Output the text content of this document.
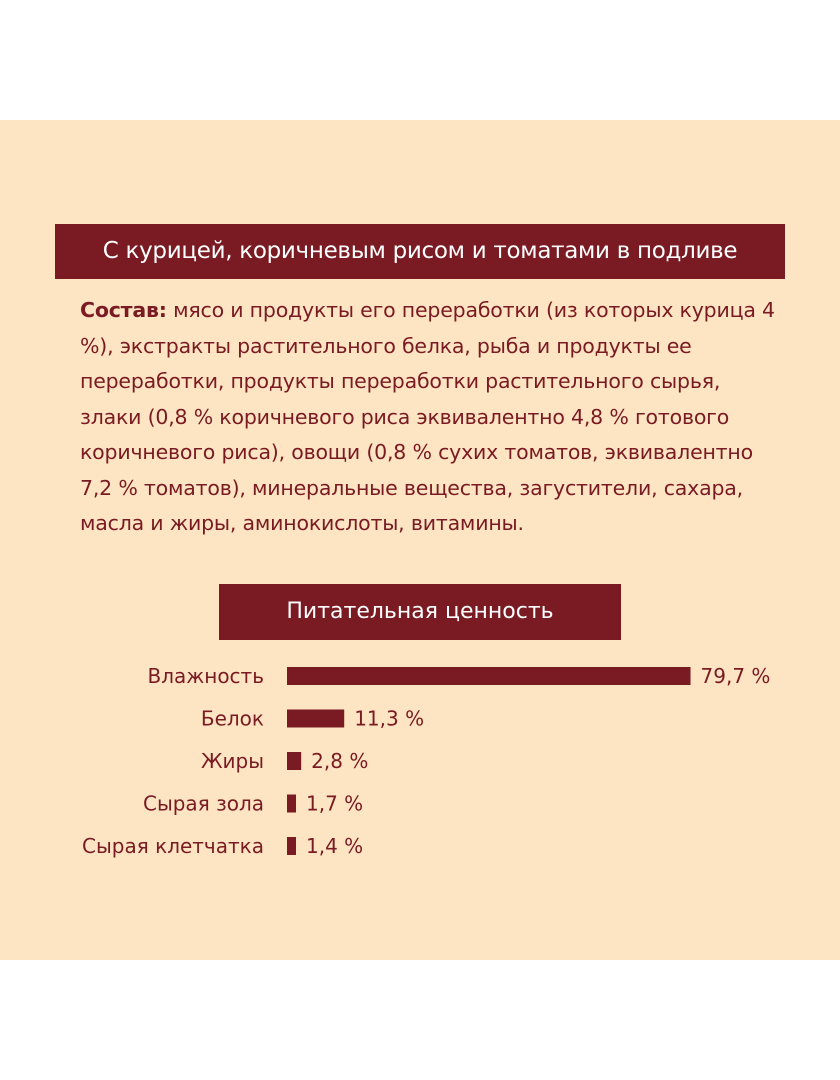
С курицей, коричневым рисом и томатами в подливе
Состав: мясо и продукты его переработки (из которых курица 4 %), экстракты растительного белка, рыба и продукты ее переработки, продукты переработки растительного сырья, злаки (0,8 % коричневого риса эквивалентно 4,8 % готового коричневого риса), овощи (0,8 % сухих томатов, эквивалентно 7,2 % томатов), минеральные вещества, загустители, сахара, масла и жиры, аминокислоты, витамины.
Питательная ценность
Влажность	79,7 %
Белок	11,3 %
Жиры 2,8 %
Сырая зола 1,7 %
Сырая клетчатка 1,4 %
